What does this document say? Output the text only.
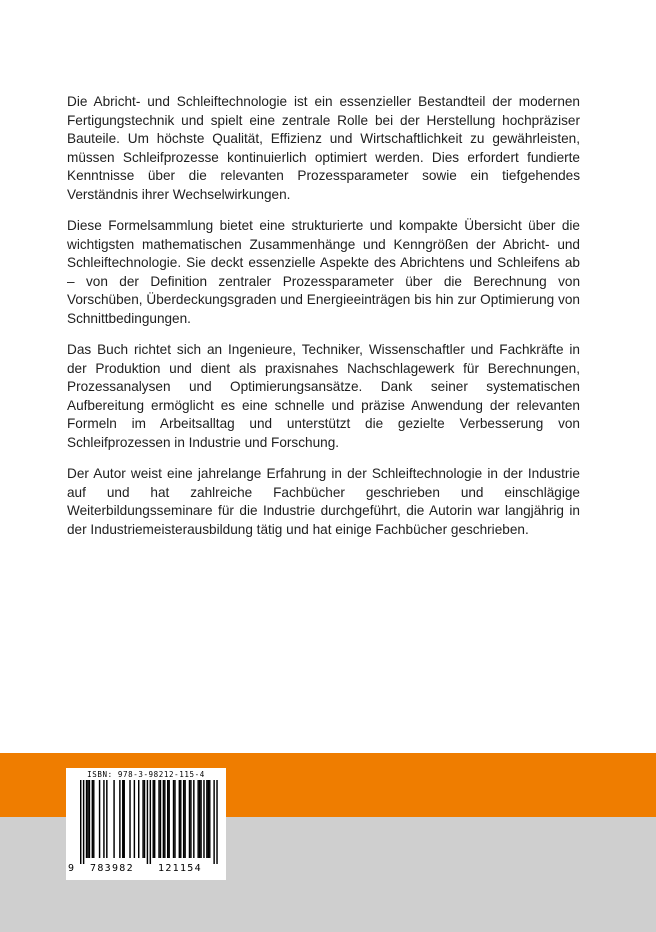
Die Abricht- und Schleiftechnologie ist ein essenzieller Bestandteil der modernen Fertigungstechnik und spielt eine zentrale Rolle bei der Herstellung hochpräziser Bauteile. Um höchste Qualität, Effizienz und Wirtschaftlichkeit zu gewährleisten, müssen Schleifprozesse kontinuierlich optimiert werden. Dies erfordert fundierte Kenntnisse über die relevanten Prozessparameter sowie ein tiefgehendes Verständnis ihrer Wechselwirkungen.

Diese Formelsammlung bietet eine strukturierte und kompakte Übersicht über die wichtigsten mathematischen Zusammenhänge und Kenngrößen der Abricht- und Schleiftechnologie. Sie deckt essenzielle Aspekte des Abrichtens und Schleifens ab – von der Definition zentraler Prozessparameter über die Berechnung von Vorschüben, Überdeckungsgraden und Energieeinträgen bis hin zur Optimierung von Schnittbedingungen.

Das Buch richtet sich an Ingenieure, Techniker, Wissenschaftler und Fachkräfte in der Produktion und dient als praxisnahes Nachschlagewerk für Berechnungen, Prozessanalysen und Optimierungsansätze. Dank seiner systematischen Aufbereitung ermöglicht es eine schnelle und präzise Anwendung der relevanten Formeln im Arbeitsalltag und unterstützt die gezielte Verbesserung von Schleifprozessen in Industrie und Forschung.

Der Autor weist eine jahrelange Erfahrung in der Schleiftechnologie in der Industrie auf und hat zahlreiche Fachbücher geschrieben und einschlägige Weiterbildungsseminare für die Industrie durchgeführt, die Autorin war langjährig in der Industriemeisterausbildung tätig und hat einige Fachbücher geschrieben.

ISBN: 978-3-98212-115-4
9 783982 121154
